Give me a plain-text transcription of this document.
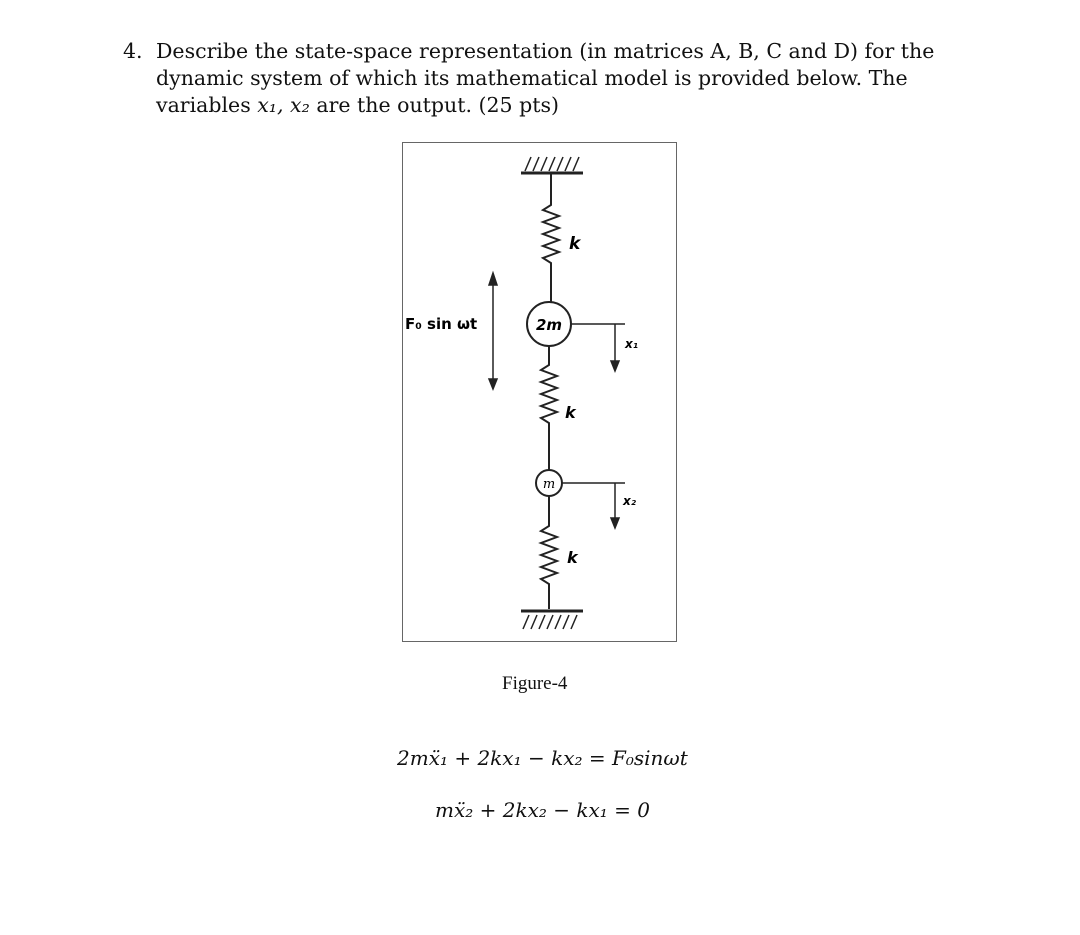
4. Describe the state-space representation (in matrices A, B, C and D) for the dynamic system of which its mathematical model is provided below. The variables x₁, x₂ are the output. (25 pts)
k
F₀ sin ωt	2m
x₁
k
m
x₂
k
Figure-4
2mẍ₁ + 2kx₁ − kx₂ = F₀sinωt
mẍ₂ + 2kx₂ − kx₁ = 0
